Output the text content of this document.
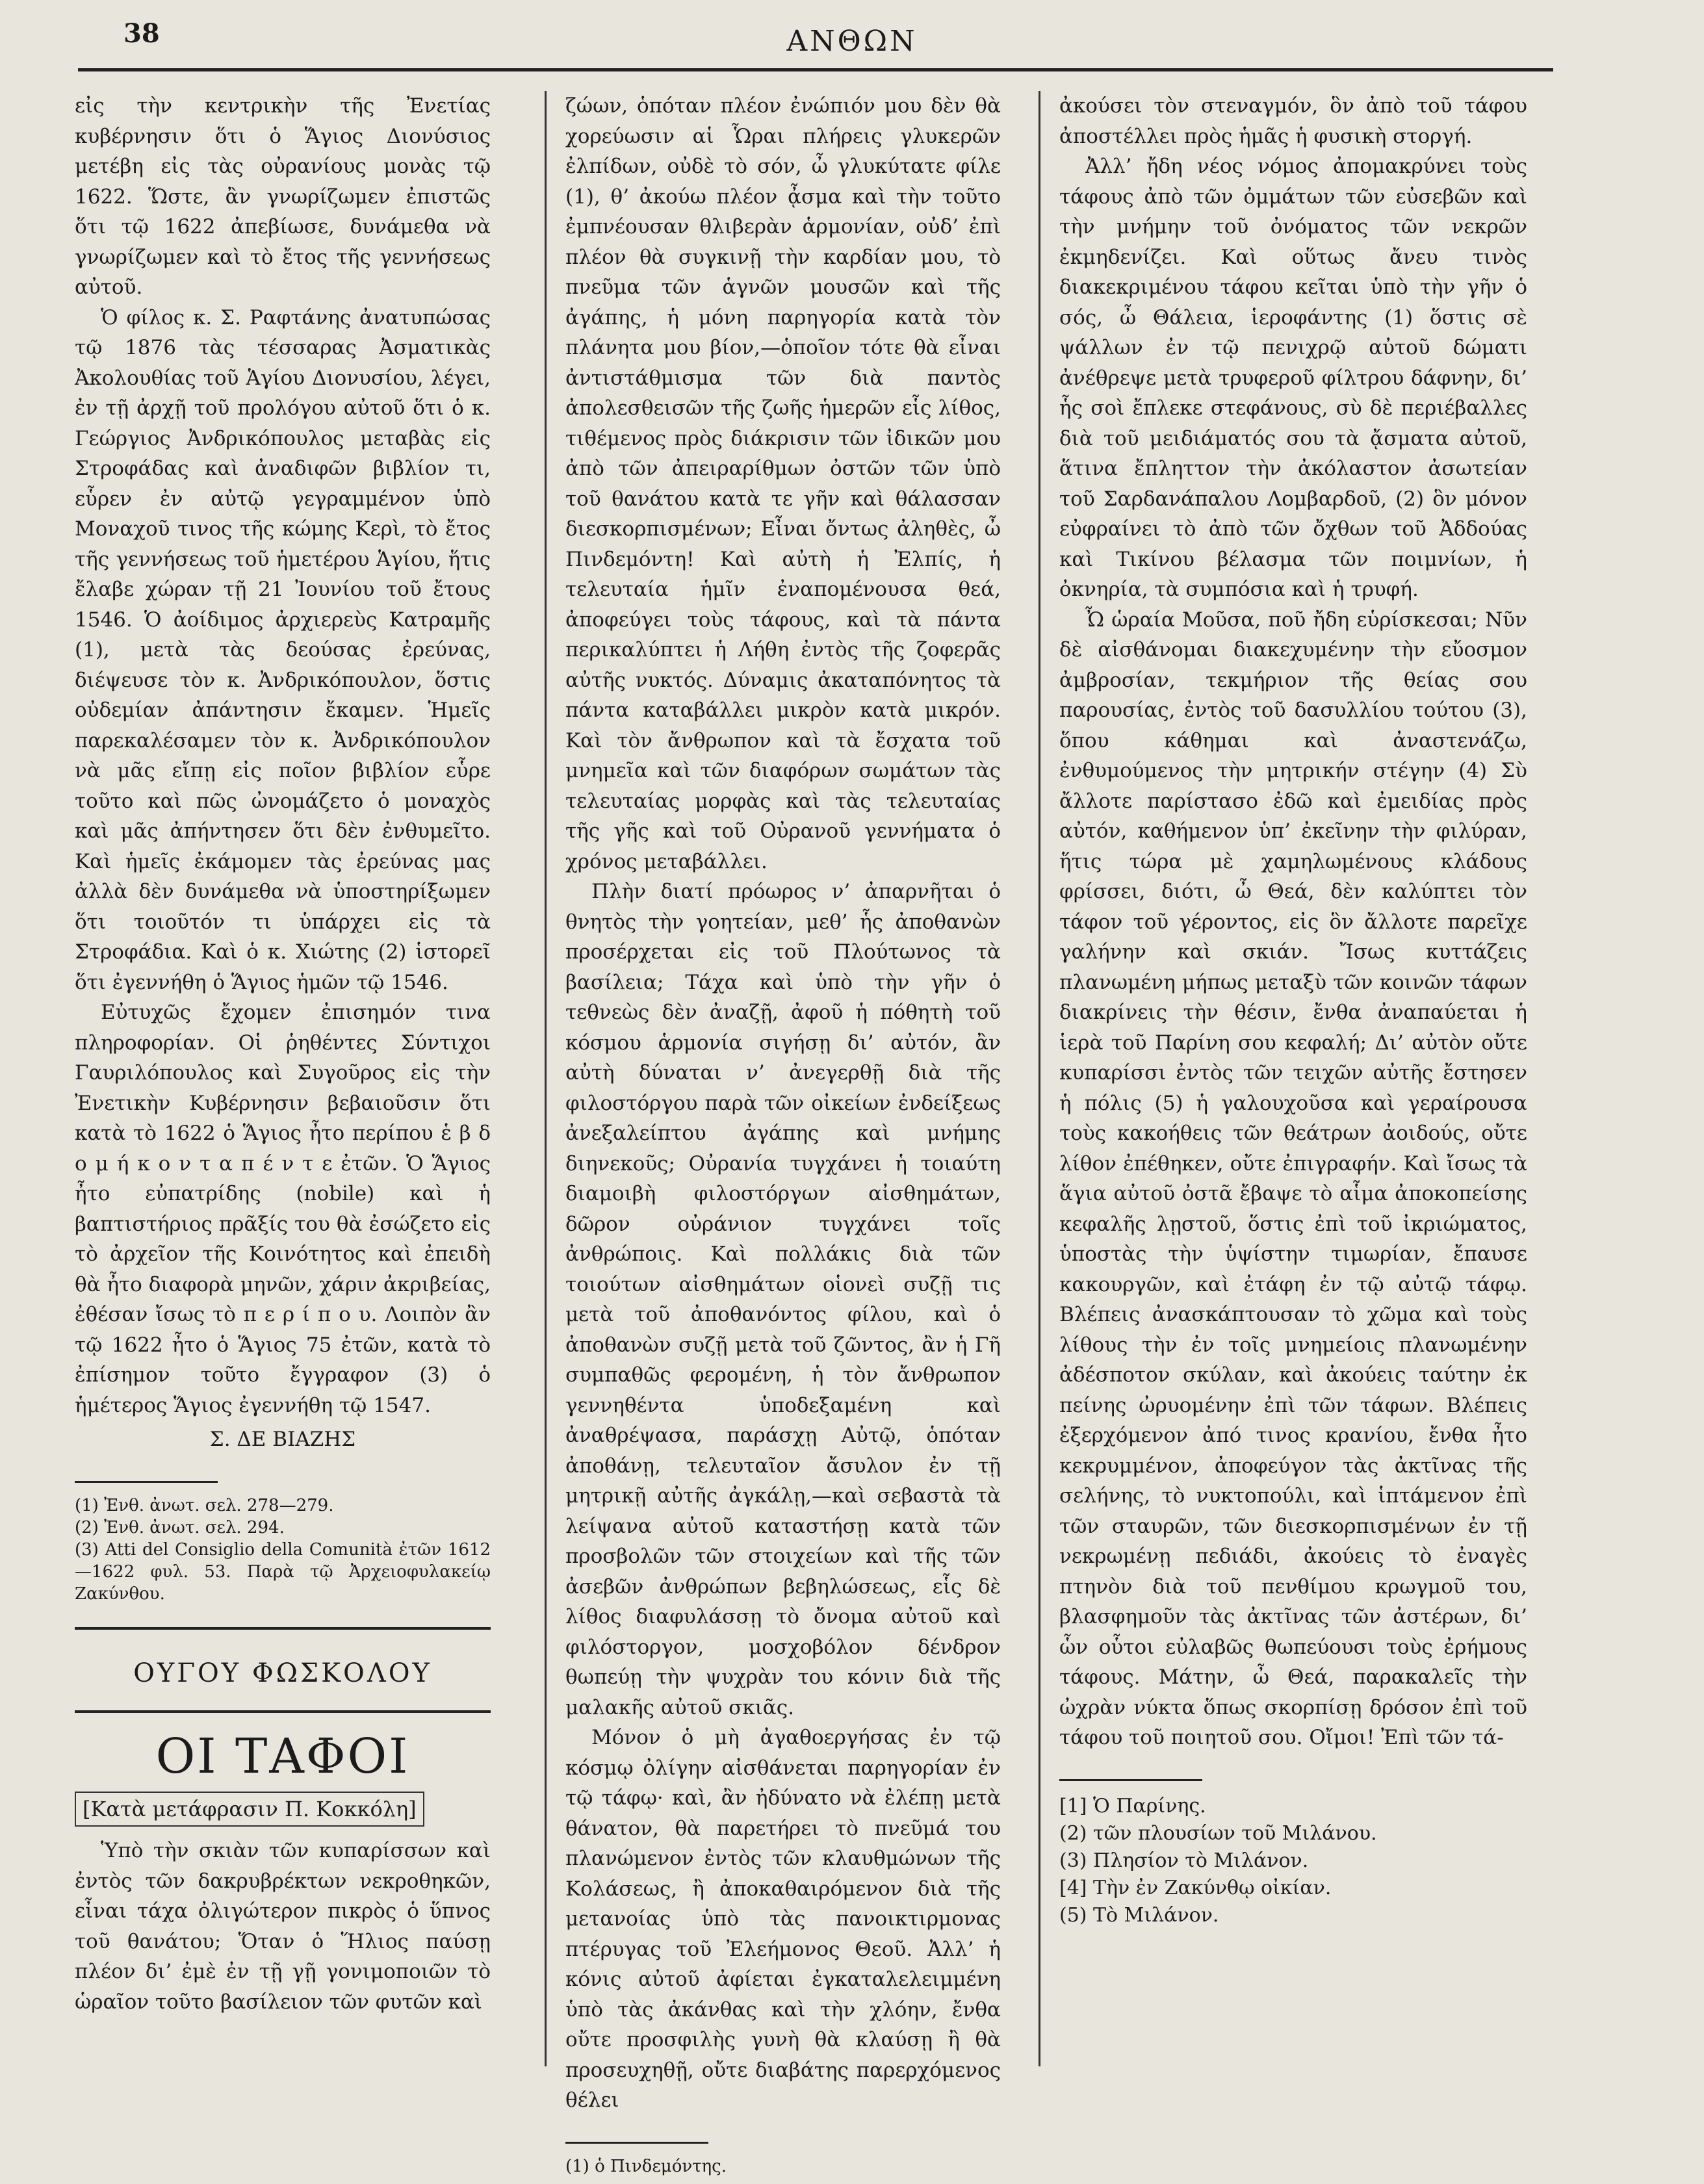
38	ΑΝΘΩΝ

εἰς τὴν κεντρικὴν τῆς Ἐνετίας κυβέρνησιν ὅτι ὁ Ἅγιος Διονύσιος μετέβη εἰς τὰς οὐρανίους μονὰς τῷ 1622. Ὥστε, ἂν γνωρίζωμεν ἐπιστῶς ὅτι τῷ 1622 ἀπεβίωσε, δυνάμεθα νὰ γνωρίζωμεν καὶ τὸ ἔτος τῆς γεννήσεως αὐτοῦ.

Ὁ φίλος κ. Σ. Ραφτάνης ἀνατυπώσας τῷ 1876 τὰς τέσσαρας Ἀσματικὰς Ἀκολουθίας τοῦ Ἁγίου Διονυσίου, λέγει, ἐν τῇ ἀρχῇ τοῦ προλόγου αὐτοῦ ὅτι ὁ κ. Γεώργιος Ἀνδρικόπουλος μεταβὰς εἰς Στροφάδας καὶ ἀναδιφῶν βιβλίον τι, εὗρεν ἐν αὐτῷ γεγραμμένον ὑπὸ Μοναχοῦ τινος τῆς κώμης Κερὶ, τὸ ἔτος τῆς γεννήσεως τοῦ ἡμετέρου Ἁγίου, ἥτις ἔλαβε χώραν τῇ 21 Ἰουνίου τοῦ ἔτους 1546. Ὁ ἀοίδιμος ἀρχιερεὺς Κατραμῆς (1), μετὰ τὰς δεούσας ἐρεύνας, διέψευσε τὸν κ. Ἀνδρικόπουλον, ὅστις οὐδεμίαν ἀπάντησιν ἔκαμεν. Ἡμεῖς παρεκαλέσαμεν τὸν κ. Ἀνδρικόπουλον νὰ μᾶς εἴπῃ εἰς ποῖον βιβλίον εὗρε τοῦτο καὶ πῶς ὠνομάζετο ὁ μοναχὸς καὶ μᾶς ἀπήντησεν ὅτι δὲν ἐνθυμεῖτο. Καὶ ἡμεῖς ἐκάμομεν τὰς ἐρεύνας μας ἀλλὰ δὲν δυνάμεθα νὰ ὑποστηρίξωμεν ὅτι τοιοῦτόν τι ὑπάρχει εἰς τὰ Στροφάδια. Καὶ ὁ κ. Χιώτης (2) ἱστορεῖ ὅτι ἐγεννήθη ὁ Ἅγιος ἡμῶν τῷ 1546.

Εὐτυχῶς ἔχομεν ἐπισημόν τινα πληροφορίαν. Οἱ ῥηθέντες Σύντιχοι Γαυριλόπουλος καὶ Συγοῦρος εἰς τὴν Ἐνετικὴν Κυβέρνησιν βεβαιοῦσιν ὅτι κατὰ τὸ 1622 ὁ Ἅγιος ἦτο περίπου ἑ β δ ο μ ή κ ο ν τ α π έ ν τ ε ἐτῶν. Ὁ Ἅγιος ἦτο εὐπατρίδης (nobile) καὶ ἡ βαπτιστήριος πρᾶξίς του θὰ ἐσώζετο εἰς τὸ ἀρχεῖον τῆς Κοινότητος καὶ ἐπειδὴ θὰ ἦτο διαφορὰ μηνῶν, χάριν ἀκριβείας, ἐθέσαν ἴσως τὸ π ε ρ ί π ο υ. Λοιπὸν ἂν τῷ 1622 ἦτο ὁ Ἅγιος 75 ἐτῶν, κατὰ τὸ ἐπίσημον τοῦτο ἔγγραφον (3) ὁ ἡμέτερος Ἅγιος ἐγεννήθη τῷ 1547.

Σ. ΔΕ ΒΙΑΖΗΣ

(1) Ἐνθ. ἀνωτ. σελ. 278—279.

(2) Ἐνθ. ἀνωτ. σελ. 294.

(3) Atti del Consiglio della Comunità ἐτῶν 1612—1622 φυλ. 53. Παρὰ τῷ Ἀρχειοφυλακείῳ Ζακύνθου.

ΟΥΓΟΥ ΦΩΣΚΟΛΟΥ

ΟΙ ΤΑΦΟΙ

[Κατὰ μετάφρασιν Π. Κοκκόλη]

Ὑπὸ τὴν σκιὰν τῶν κυπαρίσσων καὶ ἐντὸς τῶν δακρυβρέκτων νεκροθηκῶν, εἶναι τάχα ὀλιγώτερον πικρὸς ὁ ὕπνος τοῦ θανάτου; Ὅταν ὁ Ἥλιος παύσῃ πλέον δι’ ἐμὲ ἐν τῇ γῇ γονιμοποιῶν τὸ ὡραῖον τοῦτο βασίλειον τῶν φυτῶν καὶ

ζώων, ὁπόταν πλέον ἐνώπιόν μου δὲν θὰ χορεύωσιν αἱ Ὧραι πλήρεις γλυκερῶν ἐλπίδων, οὐδὲ τὸ σόν, ὦ γλυκύτατε φίλε (1), θ’ ἀκούω πλέον ᾆσμα καὶ τὴν τοῦτο ἐμπνέουσαν θλιβερὰν ἁρμονίαν, οὐδ’ ἐπὶ πλέον θὰ συγκινῇ τὴν καρδίαν μου, τὸ πνεῦμα τῶν ἁγνῶν μουσῶν καὶ τῆς ἀγάπης, ἡ μόνη παρηγορία κατὰ τὸν πλάνητα μου βίον,—ὁποῖον τότε θὰ εἶναι ἀντιστάθμισμα τῶν διὰ παντὸς ἀπολεσθεισῶν τῆς ζωῆς ἡμερῶν εἷς λίθος, τιθέμενος πρὸς διάκρισιν τῶν ἰδικῶν μου ἀπὸ τῶν ἀπειραρίθμων ὀστῶν τῶν ὑπὸ τοῦ θανάτου κατὰ τε γῆν καὶ θάλασσαν διεσκορπισμένων; Εἶναι ὄντως ἀληθὲς, ὦ Πινδεμόντη! Καὶ αὐτὴ ἡ Ἐλπίς, ἡ τελευταία ἡμῖν ἐναπομένουσα θεά, ἀποφεύγει τοὺς τάφους, καὶ τὰ πάντα περικαλύπτει ἡ Λήθη ἐντὸς τῆς ζοφερᾶς αὐτῆς νυκτός. Δύναμις ἀκαταπόνητος τὰ πάντα καταβάλλει μικρὸν κατὰ μικρόν. Καὶ τὸν ἄνθρωπον καὶ τὰ ἔσχατα τοῦ μνημεῖα καὶ τῶν διαφόρων σωμάτων τὰς τελευταίας μορφὰς καὶ τὰς τελευταίας τῆς γῆς καὶ τοῦ Οὐρανοῦ γεννήματα ὁ χρόνος μεταβάλλει.

Πλὴν διατί πρόωρος ν’ ἀπαρνῆται ὁ θνητὸς τὴν γοητείαν, μεθ’ ἧς ἀποθανὼν προσέρχεται εἰς τοῦ Πλούτωνος τὰ βασίλεια; Τάχα καὶ ὑπὸ τὴν γῆν ὁ τεθνεὼς δὲν ἀναζῇ, ἀφοῦ ἡ πόθητὴ τοῦ κόσμου ἁρμονία σιγήσῃ δι’ αὐτόν, ἂν αὐτὴ δύναται ν’ ἀνεγερθῇ διὰ τῆς φιλοστόργου παρὰ τῶν οἰκείων ἐνδείξεως ἀνεξαλείπτου ἀγάπης καὶ μνήμης διηνεκοῦς; Οὐρανία τυγχάνει ἡ τοιαύτη διαμοιβὴ φιλοστόργων αἰσθημάτων, δῶρον οὐράνιον τυγχάνει τοῖς ἀνθρώποις. Καὶ πολλάκις διὰ τῶν τοιούτων αἰσθημάτων οἱονεὶ συζῇ τις μετὰ τοῦ ἀποθανόντος φίλου, καὶ ὁ ἀποθανὼν συζῇ μετὰ τοῦ ζῶντος, ἂν ἡ Γῆ συμπαθῶς φερομένη, ἡ τὸν ἄνθρωπον γεννηθέντα ὑποδεξαμένη καὶ ἀναθρέψασα, παράσχῃ Αὐτῷ, ὁπόταν ἀποθάνῃ, τελευταῖον ἄσυλον ἐν τῇ μητρικῇ αὐτῆς ἀγκάλῃ,—καὶ σεβαστὰ τὰ λείψανα αὐτοῦ καταστήσῃ κατὰ τῶν προσβολῶν τῶν στοιχείων καὶ τῆς τῶν ἀσεβῶν ἀνθρώπων βεβηλώσεως, εἷς δὲ λίθος διαφυλάσσῃ τὸ ὄνομα αὐτοῦ καὶ φιλόστοργον, μοσχοβόλον δένδρον θωπεύῃ τὴν ψυχρὰν του κόνιν διὰ τῆς μαλακῆς αὐτοῦ σκιᾶς.

Μόνον ὁ μὴ ἀγαθοεργήσας ἐν τῷ κόσμῳ ὀλίγην αἰσθάνεται παρηγορίαν ἐν τῷ τάφῳ· καὶ, ἂν ἠδύνατο νὰ ἐλέπῃ μετὰ θάνατον, θὰ παρετήρει τὸ πνεῦμά του πλανώμενον ἐντὸς τῶν κλαυθμώνων τῆς Κολάσεως, ἢ ἀποκαθαιρόμενον διὰ τῆς μετανοίας ὑπὸ τὰς πανοικτιρμονας πτέρυγας τοῦ Ἐλεήμονος Θεοῦ. Ἀλλ’ ἡ κόνις αὐτοῦ ἀφίεται ἐγκαταλελειμμένη ὑπὸ τὰς ἀκάνθας καὶ τὴν χλόην, ἔνθα οὔτε προσφιλὴς γυνὴ θὰ κλαύσῃ ἢ θὰ προσευχηθῇ, οὔτε διαβάτης παρερχόμενος θέλει

(1) ὁ Πινδεμόντης.

ἀκούσει τὸν στεναγμόν, ὃν ἀπὸ τοῦ τάφου ἀποστέλλει πρὸς ἡμᾶς ἡ φυσικὴ στοργή.

Ἀλλ’ ἤδη νέος νόμος ἀπομακρύνει τοὺς τάφους ἀπὸ τῶν ὀμμάτων τῶν εὐσεβῶν καὶ τὴν μνήμην τοῦ ὀνόματος τῶν νεκρῶν ἐκμηδενίζει. Καὶ οὕτως ἄνευ τινὸς διακεκριμένου τάφου κεῖται ὑπὸ τὴν γῆν ὁ σός, ὦ Θάλεια, ἱεροφάντης (1) ὅστις σὲ ψάλλων ἐν τῷ πενιχρῷ αὐτοῦ δώματι ἀνέθρεψε μετὰ τρυφεροῦ φίλτρου δάφνην, δι’ ἧς σοὶ ἔπλεκε στεφάνους, σὺ δὲ περιέβαλλες διὰ τοῦ μειδιάματός σου τὰ ᾄσματα αὐτοῦ, ἅτινα ἔπληττον τὴν ἀκόλαστον ἀσωτείαν τοῦ Σαρδανάπαλου Λομβαρδοῦ, (2) ὃν μόνον εὐφραίνει τὸ ἀπὸ τῶν ὄχθων τοῦ Ἀδδούας καὶ Τικίνου βέλασμα τῶν ποιμνίων, ἡ ὀκνηρία, τὰ συμπόσια καὶ ἡ τρυφή.

Ὦ ὡραία Μοῦσα, ποῦ ἤδη εὑρίσκεσαι; Νῦν δὲ αἰσθάνομαι διακεχυμένην τὴν εὔοσμον ἀμβροσίαν, τεκμήριον τῆς θείας σου παρουσίας, ἐντὸς τοῦ δασυλλίου τούτου (3), ὅπου κάθημαι καὶ ἀναστενάζω, ἐνθυμούμενος τὴν μητρικήν στέγην (4) Σὺ ἄλλοτε παρίστασο ἐδῶ καὶ ἐμειδίας πρὸς αὐτόν, καθήμενον ὑπ’ ἐκεῖνην τὴν φιλύραν, ἥτις τώρα μὲ χαμηλωμένους κλάδους φρίσσει, διότι, ὦ Θεά, δὲν καλύπτει τὸν τάφον τοῦ γέροντος, εἰς ὃν ἄλλοτε παρεῖχε γαλήνην καὶ σκιάν. Ἴσως κυττάζεις πλανωμένη μήπως μεταξὺ τῶν κοινῶν τάφων διακρίνεις τὴν θέσιν, ἔνθα ἀναπαύεται ἡ ἱερὰ τοῦ Παρίνη σου κεφαλή; Δι’ αὐτὸν οὔτε κυπαρίσσι ἐντὸς τῶν τειχῶν αὐτῆς ἔστησεν ἡ πόλις (5) ἡ γαλουχοῦσα καὶ γεραίρουσα τοὺς κακοήθεις τῶν θεάτρων ἀοιδούς, οὔτε λίθον ἐπέθηκεν, οὔτε ἐπιγραφήν. Καὶ ἴσως τὰ ἅγια αὐτοῦ ὀστᾶ ἔβαψε τὸ αἷμα ἀποκοπείσης κεφαλῆς λῃστοῦ, ὅστις ἐπὶ τοῦ ἰκριώματος, ὑποστὰς τὴν ὑψίστην τιμωρίαν, ἔπαυσε κακουργῶν, καὶ ἐτάφη ἐν τῷ αὐτῷ τάφῳ. Βλέπεις ἀνασκάπτουσαν τὸ χῶμα καὶ τοὺς λίθους τὴν ἐν τοῖς μνημείοις πλανωμένην ἀδέσποτον σκύλαν, καὶ ἀκούεις ταύτην ἐκ πείνης ὠρυομένην ἐπὶ τῶν τάφων. Βλέπεις ἐξερχόμενον ἀπό τινος κρανίου, ἔνθα ἦτο κεκρυμμένον, ἀποφεύγον τὰς ἀκτῖνας τῆς σελήνης, τὸ νυκτοπούλι, καὶ ἱπτάμενον ἐπὶ τῶν σταυρῶν, τῶν διεσκορπισμένων ἐν τῇ νεκρωμένῃ πεδιάδι, ἀκούεις τὸ ἐναγὲς πτηνὸν διὰ τοῦ πενθίμου κρωγμοῦ του, βλασφημοῦν τὰς ἀκτῖνας τῶν ἀστέρων, δι’ ὧν οὗτοι εὐλαβῶς θωπεύουσι τοὺς ἐρήμους τάφους. Μάτην, ὦ Θεά, παρακαλεῖς τὴν ὠχρὰν νύκτα ὅπως σκορπίσῃ δρόσον ἐπὶ τοῦ τάφου τοῦ ποιητοῦ σου. Οἴμοι! Ἐπὶ τῶν τά-

[1] Ὁ Παρίνης.
(2) τῶν πλουσίων τοῦ Μιλάνου.
(3) Πλησίον τὸ Μιλάνον.
[4] Τὴν ἐν Ζακύνθῳ οἰκίαν.
(5) Τὸ Μιλάνον.
